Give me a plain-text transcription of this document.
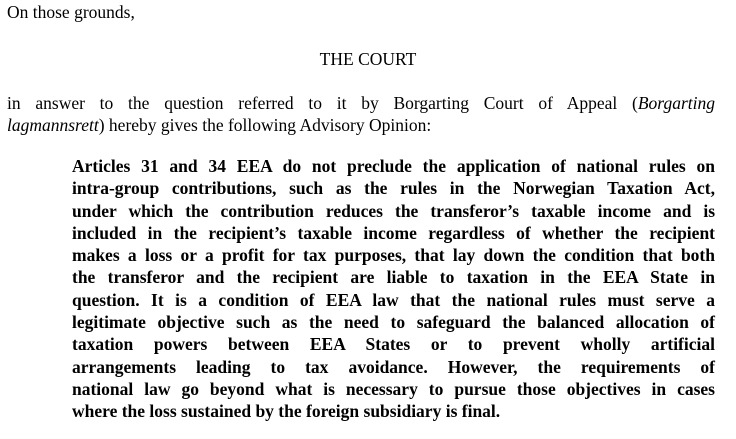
On those grounds,
THE COURT
in answer to the question referred to it by Borgarting Court of Appeal (Borgarting
lagmannsrett) hereby gives the following Advisory Opinion:
Articles 31 and 34 EEA do not preclude the application of national rules on
intra-group contributions, such as the rules in the Norwegian Taxation Act,
under which the contribution reduces the transferor’s taxable income and is
included in the recipient’s taxable income regardless of whether the recipient
makes a loss or a profit for tax purposes, that lay down the condition that both
the transferor and the recipient are liable to taxation in the EEA State in
question. It is a condition of EEA law that the national rules must serve a
legitimate objective such as the need to safeguard the balanced allocation of
taxation powers between EEA States or to prevent wholly artificial
arrangements leading to tax avoidance. However, the requirements of
national law go beyond what is necessary to pursue those objectives in cases
where the loss sustained by the foreign subsidiary is final.
